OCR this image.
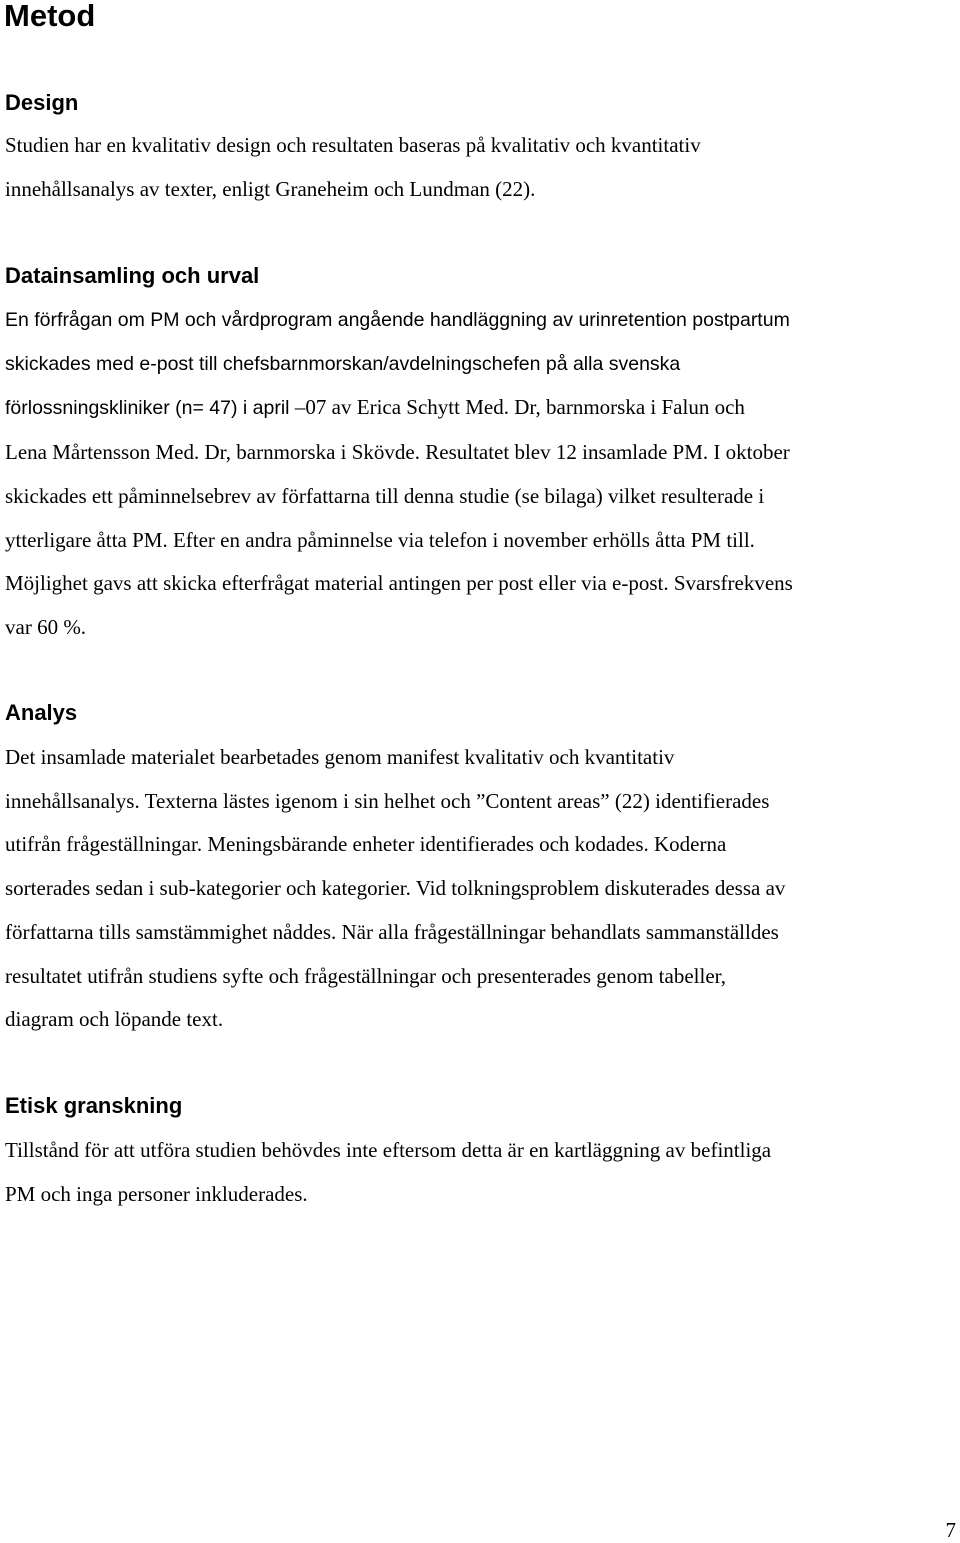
Metod
Design

Studien har en kvalitativ design och resultaten baseras på kvalitativ och kvantitativ
innehållsanalys av texter, enligt Graneheim och Lundman (22).

Datainsamling och urval

En förfrågan om PM och vårdprogram angående handläggning av urinretention postpartum
skickades med e-post till chefsbarnmorskan/avdelningschefen på alla svenska
förlossningskliniker (n= 47) i april –07 av Erica Schytt Med. Dr, barnmorska i Falun och
Lena Mårtensson Med. Dr, barnmorska i Skövde. Resultatet blev 12 insamlade PM. I oktober
skickades ett påminnelsebrev av författarna till denna studie (se bilaga) vilket resulterade i
ytterligare åtta PM. Efter en andra påminnelse via telefon i november erhölls åtta PM till.
Möjlighet gavs att skicka efterfrågat material antingen per post eller via e-post. Svarsfrekvens
var 60 %.

Analys

Det insamlade materialet bearbetades genom manifest kvalitativ och kvantitativ
innehållsanalys. Texterna lästes igenom i sin helhet och ”Content areas” (22) identifierades
utifrån frågeställningar. Meningsbärande enheter identifierades och kodades. Koderna
sorterades sedan i sub-kategorier och kategorier. Vid tolkningsproblem diskuterades dessa av
författarna tills samstämmighet nåddes. När alla frågeställningar behandlats sammanställdes
resultatet utifrån studiens syfte och frågeställningar och presenterades genom tabeller,
diagram och löpande text.

Etisk granskning

Tillstånd för att utföra studien behövdes inte eftersom detta är en kartläggning av befintliga
PM och inga personer inkluderades.

7
